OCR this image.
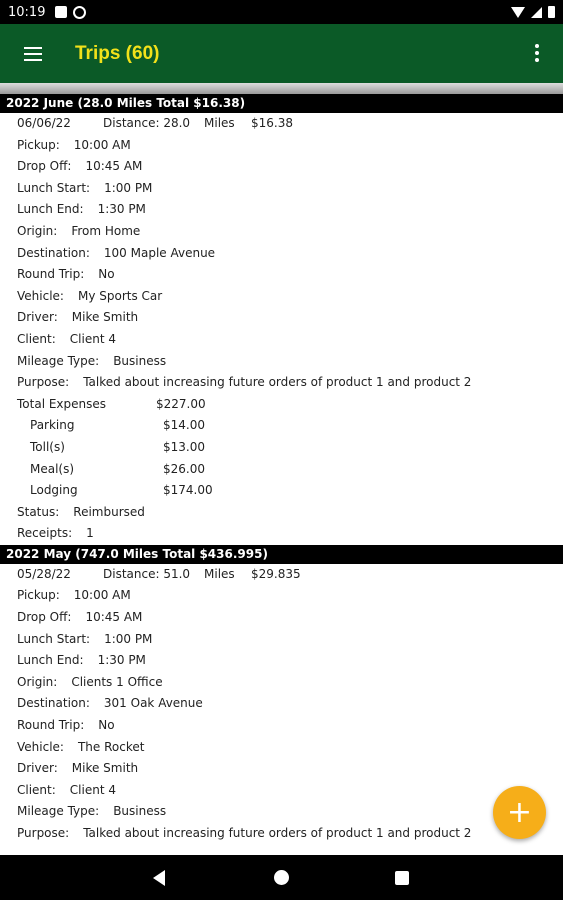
10:19
Trips (60)
2022 June (28.0 Miles Total $16.38)
06/06/22	Distance: 28.0 Miles $16.38
Pickup: 10:00 AM
Drop Off: 10:45 AM
Lunch Start: 1:00 PM
Lunch End: 1:30 PM
Origin: From Home
Destination: 100 Maple Avenue
Round Trip: No
Vehicle: My Sports Car
Driver: Mike Smith
Client: Client 4
Mileage Type: Business
Purpose: Talked about increasing future orders of product 1 and product 2
Total Expenses	$227.00
Parking	$14.00
Toll(s)	$13.00
Meal(s)	$26.00
Lodging	$174.00
Status: Reimbursed
Receipts: 1
2022 May (747.0 Miles Total $436.995)
05/28/22	Distance: 51.0 Miles $29.835
Pickup: 10:00 AM
Drop Off: 10:45 AM
Lunch Start: 1:00 PM
Lunch End: 1:30 PM
Origin: Clients 1 Office
Destination: 301 Oak Avenue
Round Trip: No
Vehicle: The Rocket
Driver: Mike Smith
Client: Client 4
Mileage Type: Business
Purpose: Talked about increasing future orders of product 1 and product 2
+
